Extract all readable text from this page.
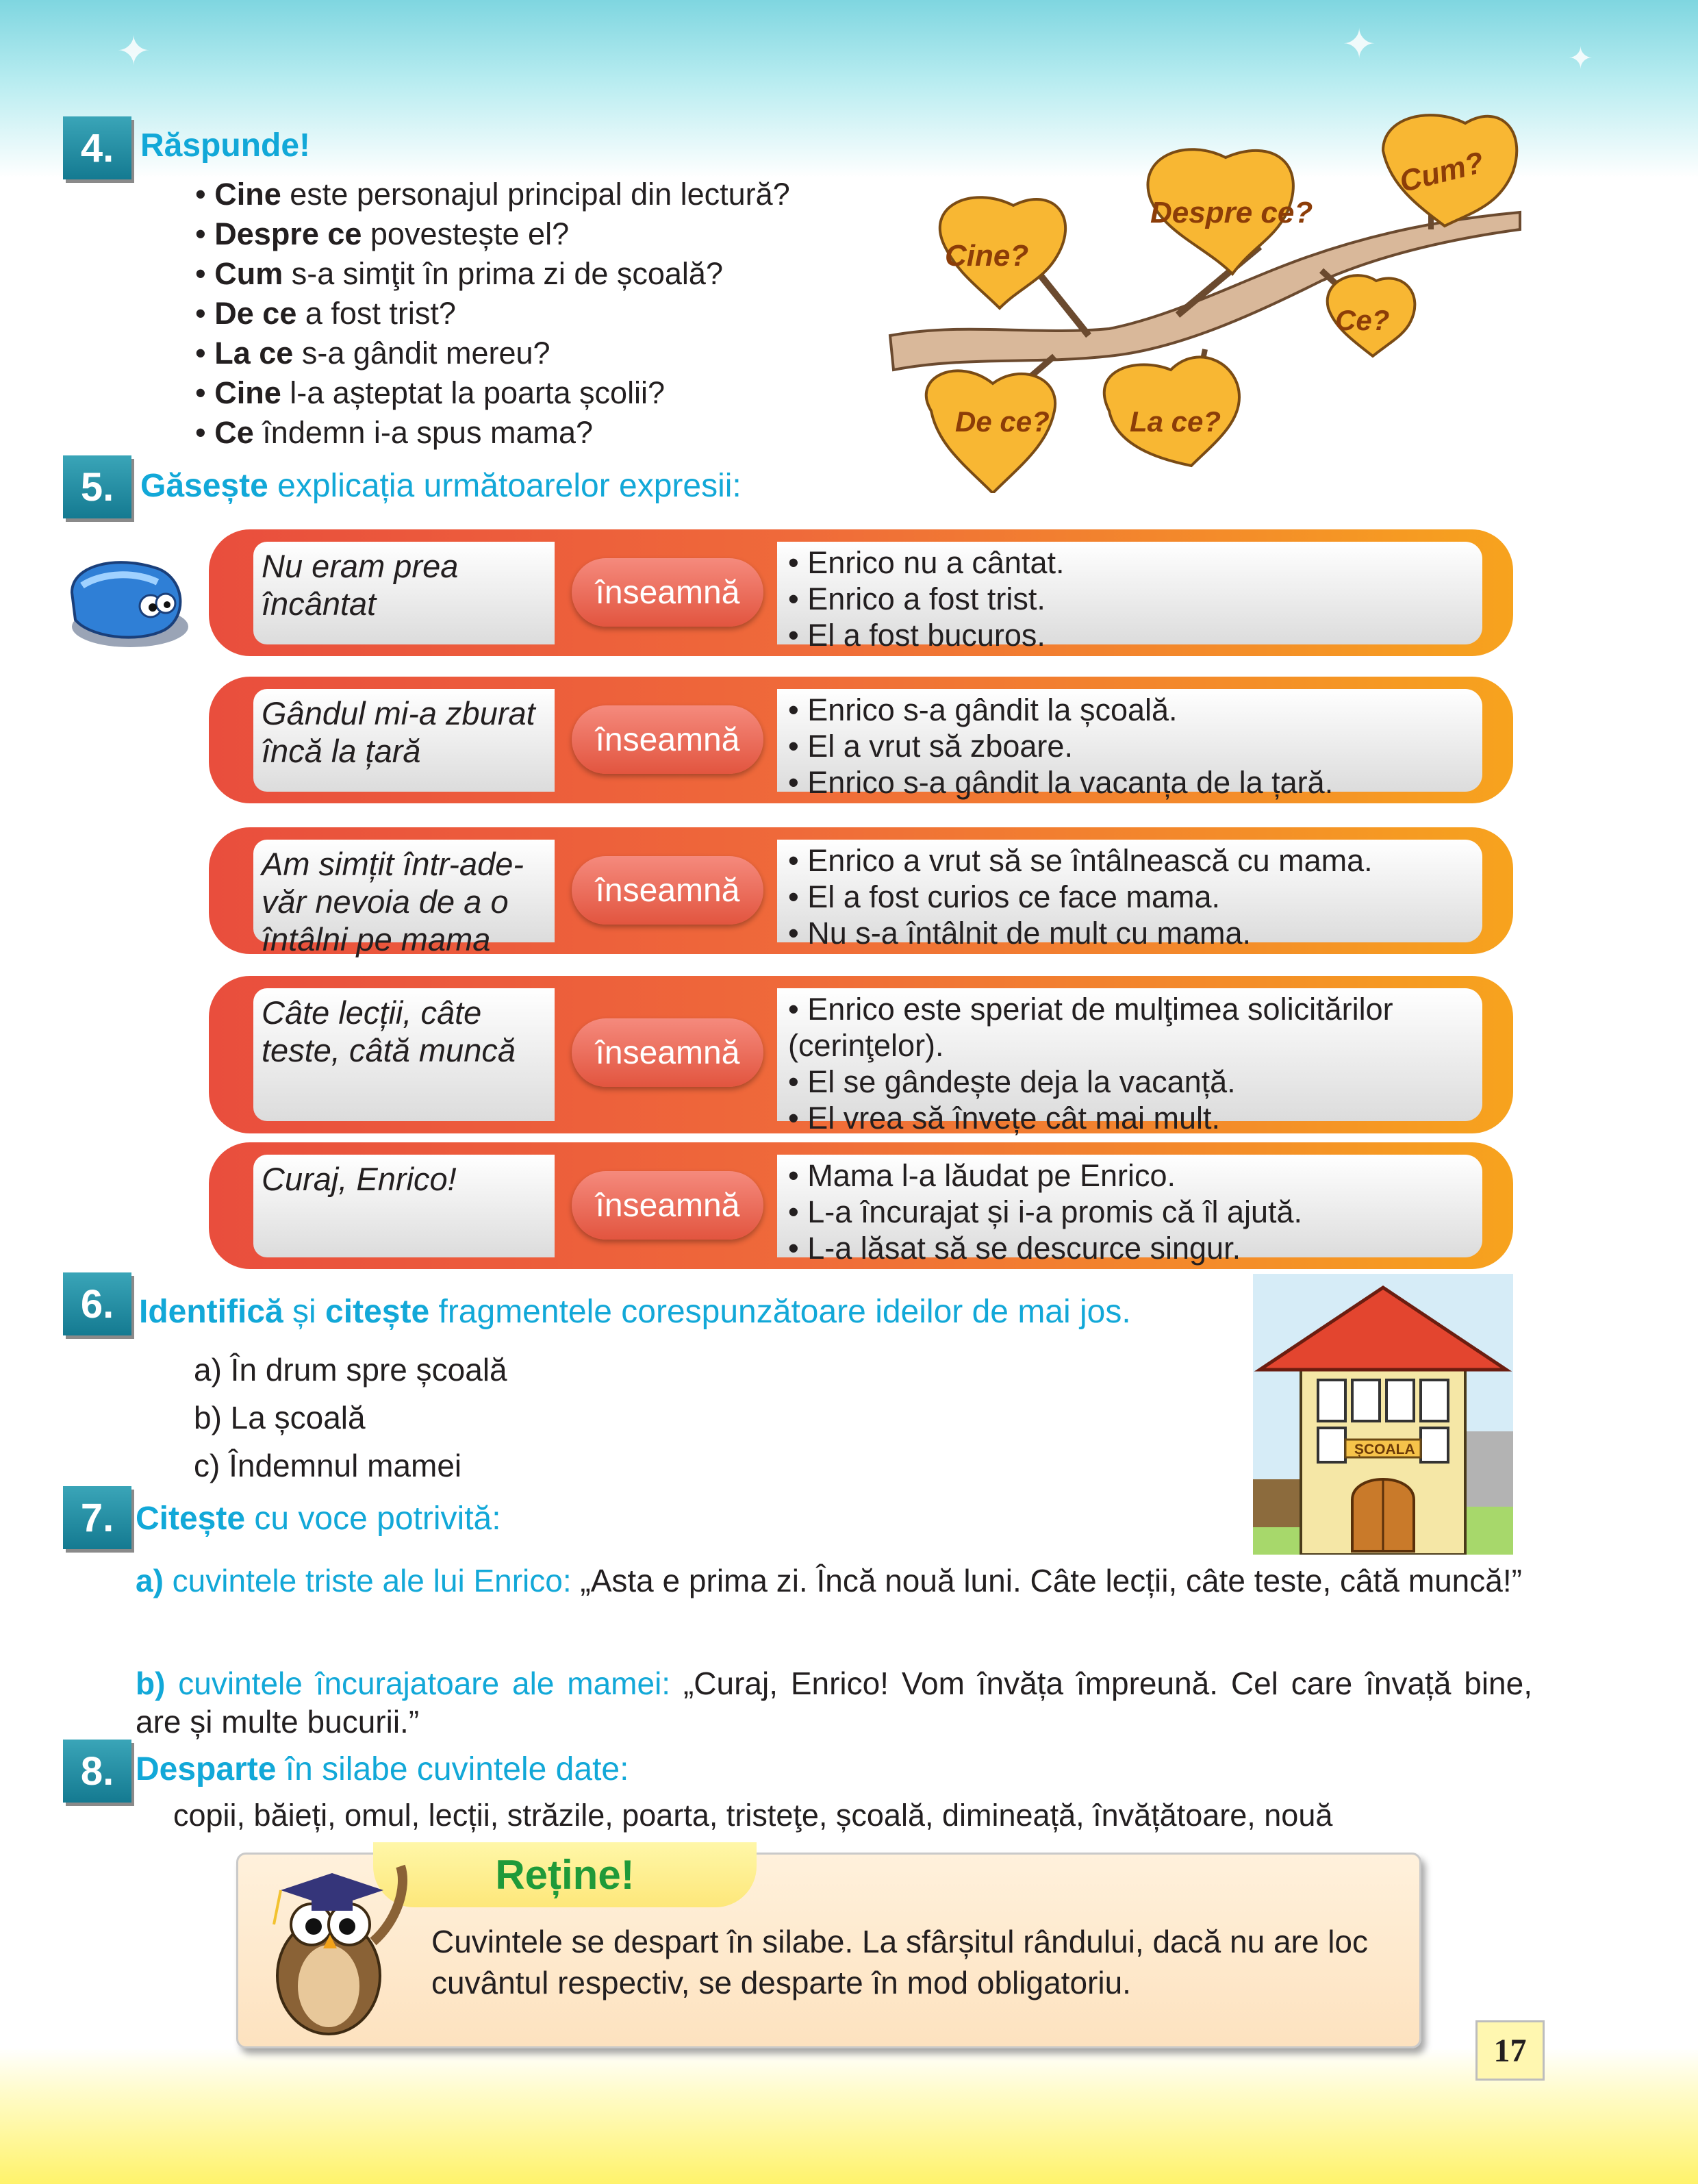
✦	✦	✦
4. Răspunde!
• Cine este personajul principal din lectură?
• Despre ce povestește el?
• Cum s-a simţit în prima zi de școală?
• De ce a fost trist?
• La ce s-a gândit mereu?
• Cine l-a așteptat la poarta școlii?
• Ce îndemn i-a spus mama?
Cine?
Despre ce?
Cum?
Ce?
De ce?	La ce?
5. Găsește explicația următoarelor expresii:
Nu eram prea încântat	înseamnă
• Enrico nu a cântat.
• Enrico a fost trist.
• El a fost bucuros.
Gândul mi-a zburat încă la țară	înseamnă
• Enrico s-a gândit la școală.
• El a vrut să zboare.
• Enrico s-a gândit la vacanța de la țară.
Am simțit într-ade-văr nevoia de a o întâlni pe mama
înseamnă
• Enrico a vrut să se întâlnească cu mama.
• El a fost curios ce face mama.
• Nu s-a întâlnit de mult cu mama.
Câte lecții, câte teste, câtă muncă	înseamnă
• Enrico este speriat de mulţimea solicitărilor (cerinţelor).
• El se gândește deja la vacanță.
• El vrea să învețe cât mai mult.
Curaj, Enrico!
înseamnă
• Mama l-a lăudat pe Enrico.
• L-a încurajat și i-a promis că îl ajută.
• L-a lăsat să se descurce singur.
6. Identifică și citește fragmentele corespunzătoare ideilor de mai jos.
a) În drum spre școală
b) La școală
c) Îndemnul mamei	ȘCOALA
7. Citește cu voce potrivită:
a) cuvintele triste ale lui Enrico: „Asta e prima zi. Încă nouă luni. Câte lecții, câte teste, câtă muncă!”
b) cuvintele încurajatoare ale mamei: „Curaj, Enrico! Vom învăța împreună. Cel care învață bine, are și multe bucurii.”
8. Desparte în silabe cuvintele date:
copii, băieți, omul, lecții, străzile, poarta, tristeţe, școală, dimineață, învățătoare, nouă
Reține!
Cuvintele se despart în silabe. La sfârșitul rândului, dacă nu are loc cuvântul respectiv, se desparte în mod obligatoriu.
17
